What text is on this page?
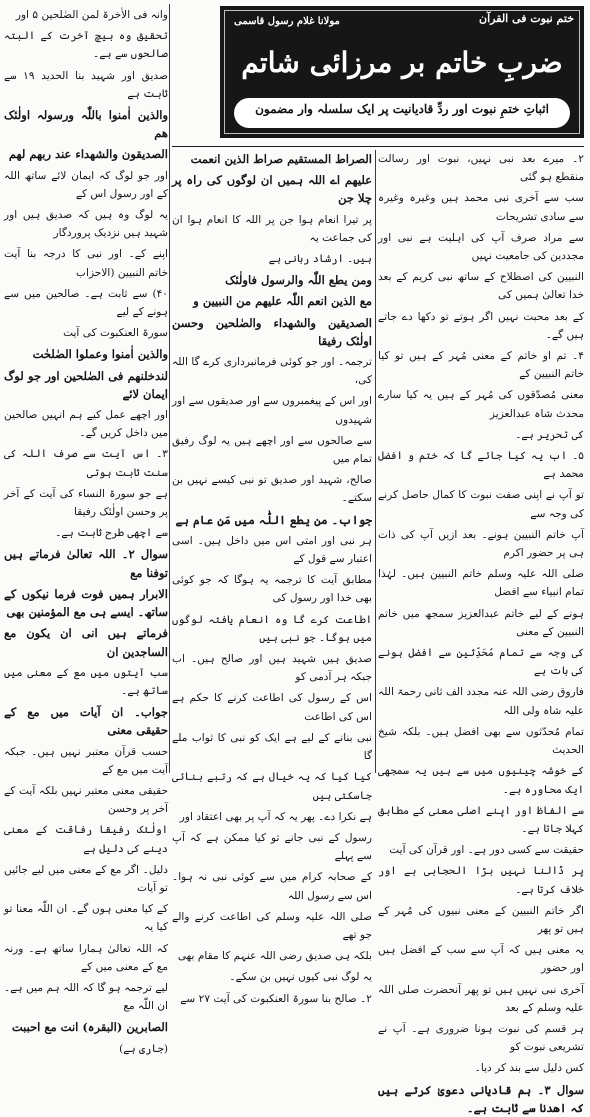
ختم نبوت فی القرآن
مولانا غلام رسول قاسمی
ضربِ خاتم بر مرزائی شاتم
اثباتِ ختمِ نبوت اور ردِّ قادیانیت پر ایک سلسلہ وار مضمون

وانہ فی الاٰخرۃ لمن الصٰلحین ۵ اور

تحقیق وہ بیچ آخرت کے البتہ صالحوں سے ہے۔

صدیق اور شہید بنا الحدید ۱۹ سے ثابت ہے

والذین اٰمنوا باللّٰہ ورسولہ اولٰئک ھم

الصدیقون والشھداء عند ربھم لھم

اور جو لوگ کہ ایمان لائے ساتھ اللہ کے اور رسول اس کے

یہ لوگ وہ ہیں کہ صدیق ہیں اور شہید ہیں نزدیک پروردگار

اپنے کے۔ اور نبی کا درجہ بنا آیت خاتم النبیین (الاحزاب

۴۰) سے ثابت ہے۔ صالحین میں سے ہونے کے لیے

سورۃ العنکبوت کی آیت

والذین اٰمنوا وعملوا الصٰلحٰت

لندخلنھم فی الصٰلحین اور جو لوگ ایمان لائے

اور اچھے عمل کیے ہم انہیں صالحین میں داخل کریں گے۔

۳۔ اس آیت سے صرف اللہ کی سنت ثابت ہوتی

ہے جو سورۃ النساء کی آیت کے آخر پر وحسن اولٰئک رفیقا

سے اچھی طرح ثابت ہے۔

سوال ۲۔ اللہ تعالیٰ فرماتے ہیں توفنا مع

الابرار ہمیں فوت فرما نیکوں کے ساتھ۔ ایسے ہی مع المؤمنین بھی

فرماتے ہیں انی ان یکون مع الساجدین ان

سب آیتوں میں مع کے معنی میں ساتھ ہے۔

جواب۔ ان آیات میں مع کے حقیقی معنی

حسب قرآن معتبر نہیں ہیں۔ جبکہ آیت میں مع کے

حقیقی معنی معتبر نہیں بلکہ آیت کے آخر پر وحسن

اولٰئک رفیقا رفاقت کے معنی دینے کی دلیل ہے

دلیل۔ اگر مع کے معنی میں لیے جائیں تو آیات

کے کیا معنی ہوں گے۔ ان اللّٰہ معنا تو کیا یہ

کہ اللہ تعالیٰ ہمارا ساتھ ہے۔ ورنہ مع کے معنی میں کے

لیے ترجمہ ہو گا کہ اللہ ہم میں ہے۔ ان اللّٰہ مع

الصابرین (البقرہ) انت مع احببت

(جاری ہے)

الصراط المستقیم صراط الذین انعمت

علیھم اے اللہ ہمیں ان لوگوں کی راہ پر چلا جن

پر تیرا انعام ہوا جن پر اللہ کا انعام ہوا ان کی جماعت یہ

ہیں۔ ارشاد ربانی ہے

ومن یطع اللّٰہ والرسول فاولٰئک

مع الذین انعم اللّٰہ علیھم من النبیین و

الصدیقین والشھداء والصٰلحین وحسن اولٰئک رفیقا

ترجمہ۔ اور جو کوئی فرمانبرداری کرے گا اللہ کی،

اور اس کے پیغمبروں سے اور صدیقوں سے اور شہیدوں

سے صالحوں سے اور اچھے ہیں یہ لوگ رفیق تمام میں

صالح، شہید اور صدیق تو نبی کیسے نہیں بن سکتے۔

جواب۔ من یطع اللّٰہ میں مَن عام ہے

ہر نبی اور امتی اس میں داخل ہیں۔ اسی اعتبار سے قول کے

مطابق آیت کا ترجمہ یہ ہوگا کہ جو کوئی بھی خدا اور رسول کی

اطاعت کرے گا وہ انعام یافتہ لوگوں میں ہوگا۔ جو نبی ہیں

صدیق ہیں شہید ہیں اور صالح ہیں۔ اب جبکہ ہر آدمی کو

اس کے رسول کی اطاعت کرنے کا حکم ہے اس کی اطاعت

نبی بنانے کے لیے ہے ایک کو نبی کا ثواب ملے گا

کیا کیا کہ یہ خیال ہے کہ رتبے بنائی جاسکتی ہیں

ہے نکرا دے۔ پھر یہ کہ آپ پر بھی اعتقاد اور

رسول کے نبی جانے تو کیا ممکن ہے کہ آپ سے پہلے

کے صحابہ کرام میں سے کوئی نبی نہ ہوا۔ اس سے رسول اللہ

صلی اللہ علیہ وسلم کی اطاعت کرنے والے جو تھے

بلکہ ہی صدیق رضی اللہ عنہم کا مقام بھی

یہ لوگ نبی کیوں نہیں بن سکے۔

۲۔ صالح بنا سورۃ العنکبوت کی آیت ۲۷ سے

۲۔ میرے بعد نبی نہیں، نبوت اور رسالت منقطع ہو گئی

سب سے آخری نبی محمد ہیں وغیرہ وغیرہ سے سادی تشریحات

سے مراد صرف آپ کی اہلیت ہے نبی اور مجددین کی جامعیت نہیں

النبیین کی اصطلاح کے ساتھ نبی کریم کے بعد خدا تعالیٰ ہمیں کی

کے بعد محبت نہیں اگر ہوتے تو دکھا دے جاتے ہیں گے۔

۴۔ تم او خاتم کے معنی مُہر کے ہیں تو کیا خاتم النبیین کے

معنی مُصدّقوں کی مُہر کے ہیں یہ کیا سارے محدث شاہ عبدالعزیز

کی تحریر ہے۔

۵۔ اب یہ کیا جائے گا کہ ختم و افضل محمد ہے

تو آپ نے اپنی صفت نبوت کا کمال حاصل کرنے کی وجہ سے

آپ خاتم النبیین ہونے۔ بعد ازیں آپ کی ذات ہی پر حضور اکرم

صلی اللہ علیہ وسلم خاتم النبیین ہیں۔ لہٰذا تمام انبیاء سے افضل

ہونے کے لیے خاتم عبدالعزیز سمجھ میں خاتم النبیین کے معنی

کی وجہ سے تمام مُحَدِّثین سے افضل ہونے کی بات ہے

فاروق رضی اللہ عنہ مجدد الف ثانی رحمۃ اللہ علیہ شاہ ولی اللہ

تمام مُحدّثوں سے بھی افضل ہیں۔ بلکہ شیخ الحدیث

کے خوشہ چینیوں میں سے ہیں یہ سمجھی ایک محاورہ ہے۔

سے الفاظ اور اپنے اصلی معنی کے مطابق کہلا جاتا ہے۔

حقیقت سے کسی دور ہے۔ اور قرآن کی آیت

پر ڈالنا نہیں بڑا الحجابی ہے اور خلاف کرتا ہے۔

اگر خاتم النبیین کے معنی نبیوں کی مُہر کے ہیں تو پھر

یہ معنی ہیں کہ آپ سے سب کے افضل ہیں اور حضور

آخری نبی نہیں ہیں تو پھر آنحضرت صلی اللہ علیہ وسلم کے بعد

ہر قسم کی نبوت ہونا ضروری ہے۔ آپ نے تشریعی نبوت کو

کس دلیل سے بند کر دیا۔

سوال ۳۔ ہم قادیانی دعویٰ کرتے ہیں کہ اھدنا سے ثابت ہے۔
